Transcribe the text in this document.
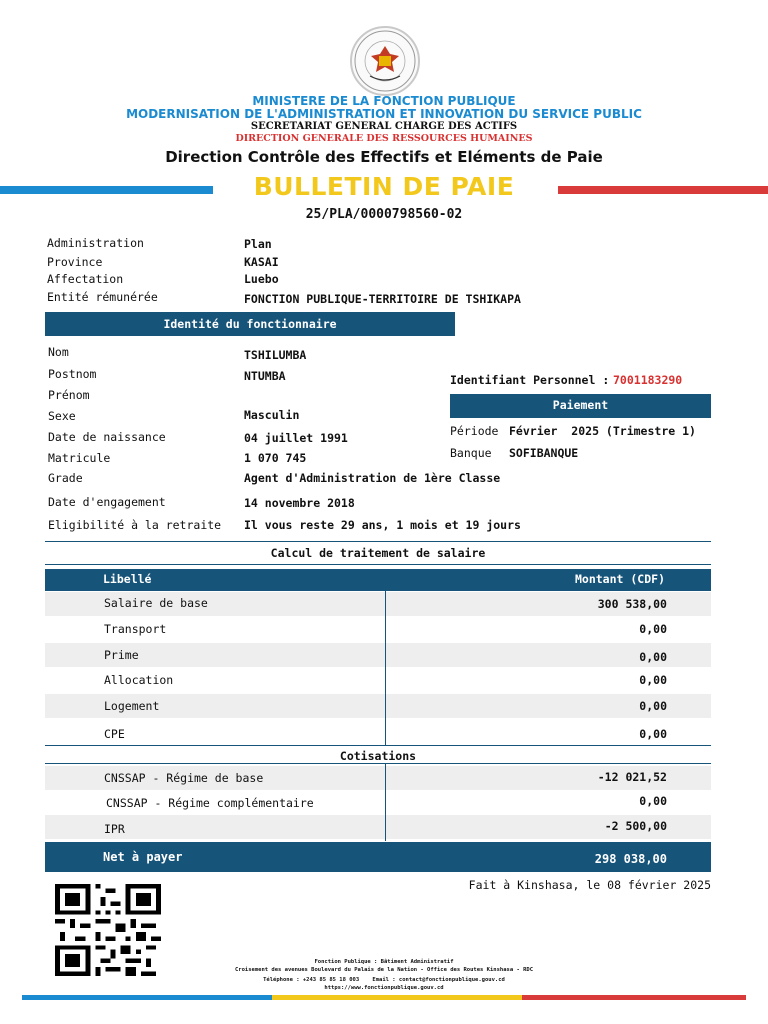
MINISTERE DE LA FONCTION PUBLIQUE
MODERNISATION DE L'ADMINISTRATION ET INNOVATION DU SERVICE PUBLIC
SECRETARIAT GENERAL CHARGE DES ACTIFS
DIRECTION GENERALE DES RESSOURCES HUMAINES
Direction Contrôle des Effectifs et Eléments de Paie
BULLETIN DE PAIE
25/PLA/0000798560-02
Administration	Plan
Province	KASAI
Affectation	Luebo
Entité rémunérée	FONCTION PUBLIQUE-TERRITOIRE DE TSHIKAPA
Identité du fonctionnaire
Nom	TSHILUMBA
Postnom	NTUMBA
Prénom
Sexe	Masculin
Date de naissance	04 juillet 1991
Matricule	1 070 745
Grade	Agent d'Administration de 1ère Classe
Date d'engagement	14 novembre 2018
Eligibilité à la retraite Il vous reste 29 ans, 1 mois et 19 jours
Identifiant Personnel : 7001183290
Paiement
Période Février  2025 (Trimestre 1)
Banque SOFIBANQUE
Calcul de traitement de salaire
Libellé	Montant (CDF)
Salaire de base	300 538,00
Transport	0,00
Prime	0,00
Allocation	0,00
Logement	0,00
CPE	0,00
Cotisations
CNSSAP - Régime de base	-12 021,52
CNSSAP - Régime complémentaire	0,00
IPR	-2 500,00
Net à payer	298 038,00
Fait à Kinshasa, le 08 février 2025
Fonction Publique : Bâtiment Administratif
Croisement des avenues Boulevard du Palais de la Nation - Office des Routes Kinshasa - RDC
Téléphone : +243 85 85 18 003    Email : contact@fonctionpublique.gouv.cd
https://www.fonctionpublique.gouv.cd
